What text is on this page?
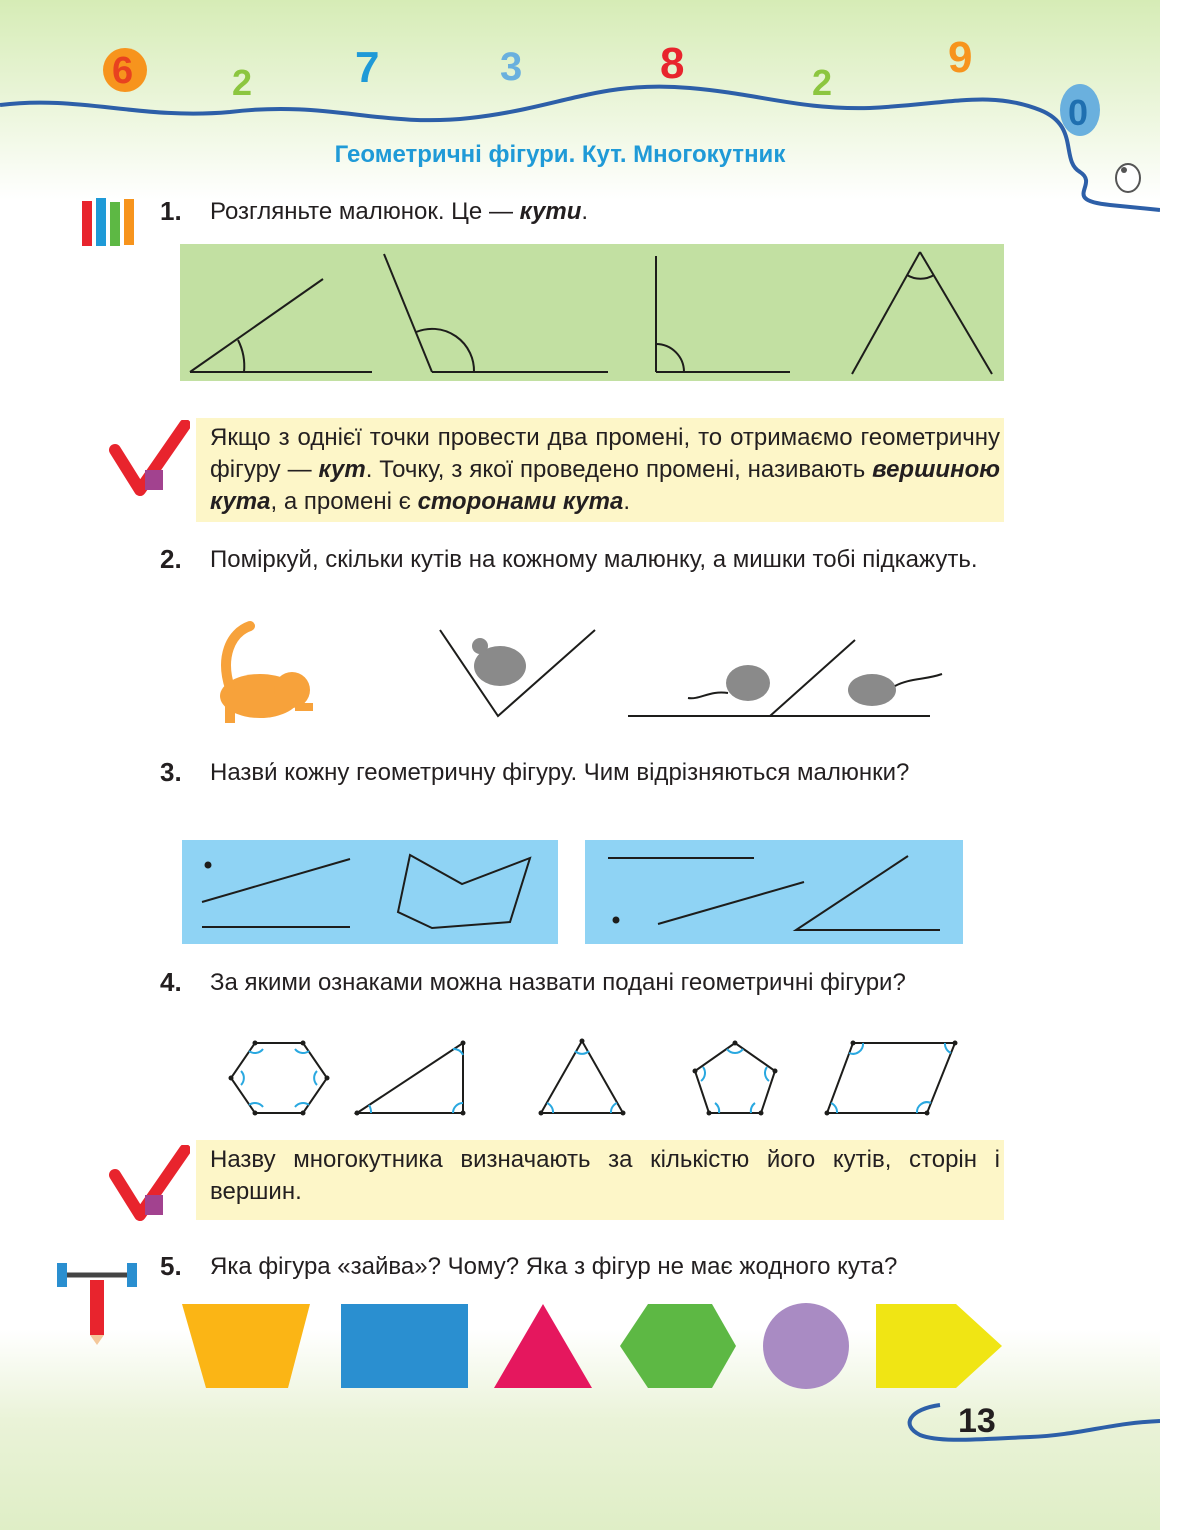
6	2 7	3	8	2
9
0
Геометричні фігури. Кут. Многокутник
1. Розгляньте малюнок. Це — кути.
Якщо з однієї точки провести два промені, то отримаємо геометричну фігуру — кут. Точку, з якої проведено промені, називають вершиною кута, а промені є сторонами кута.
2. Поміркуй, скільки кутів на кожному малюнку, а мишки тобі підкажуть.
3. Назви́ кожну геометричну фігуру. Чим відрізняються малюнки?
4. За якими ознаками можна назвати подані геометричні фігури?
Назву многокутника визначають за кількістю його кутів, сторін і вершин.
5. Яка фігура «зайва»? Чому? Яка з фігур не має жодного кута?
13
